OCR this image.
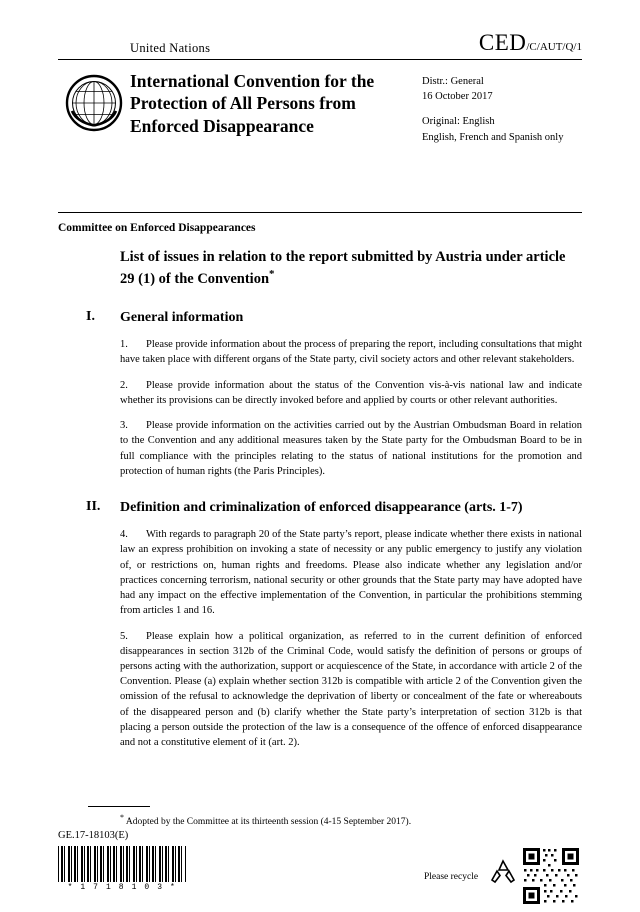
United Nations	CED/C/AUT/Q/1
International Convention for the Protection of All Persons from Enforced Disappearance
Distr.: General
16 October 2017
Original: English
English, French and Spanish only
Committee on Enforced Disappearances
List of issues in relation to the report submitted by Austria under article 29 (1) of the Convention*
I.	General information
1. Please provide information about the process of preparing the report, including consultations that might have taken place with different organs of the State party, civil society actors and other relevant stakeholders.
2. Please provide information about the status of the Convention vis-à-vis national law and indicate whether its provisions can be directly invoked before and applied by courts or other relevant authorities.
3. Please provide information on the activities carried out by the Austrian Ombudsman Board in relation to the Convention and any additional measures taken by the State party for the Ombudsman Board to be in full compliance with the principles relating to the status of national institutions for the promotion and protection of human rights (the Paris Principles).
II.	Definition and criminalization of enforced disappearance (arts. 1-7)
4. With regards to paragraph 20 of the State party’s report, please indicate whether there exists in national law an express prohibition on invoking a state of necessity or any public emergency to justify any violation of, or restrictions on, human rights and freedoms. Please also indicate whether any legislation and/or practices concerning terrorism, national security or other grounds that the State party may have adopted have had any impact on the effective implementation of the Convention, in particular the prohibitions stemming from articles 1 and 16.
5. Please explain how a political organization, as referred to in the current definition of enforced disappearances in section 312b of the Criminal Code, would satisfy the definition of persons or groups of persons acting with the authorization, support or acquiescence of the State, in accordance with article 2 of the Convention. Please (a) explain whether section 312b is compatible with article 2 of the Convention given the omission of the refusal to acknowledge the deprivation of liberty or concealment of the fate or whereabouts of the disappeared person and (b) clarify whether the State party’s interpretation of section 312b is that placing a person outside the protection of the law is a consequence of the offence of enforced disappearance and not a constitutive element of it (art. 2).
* Adopted by the Committee at its thirteenth session (4-15 September 2017).
GE.17-18103(E)
* 1 7 1 8 1 0 3 *
Please recycle
